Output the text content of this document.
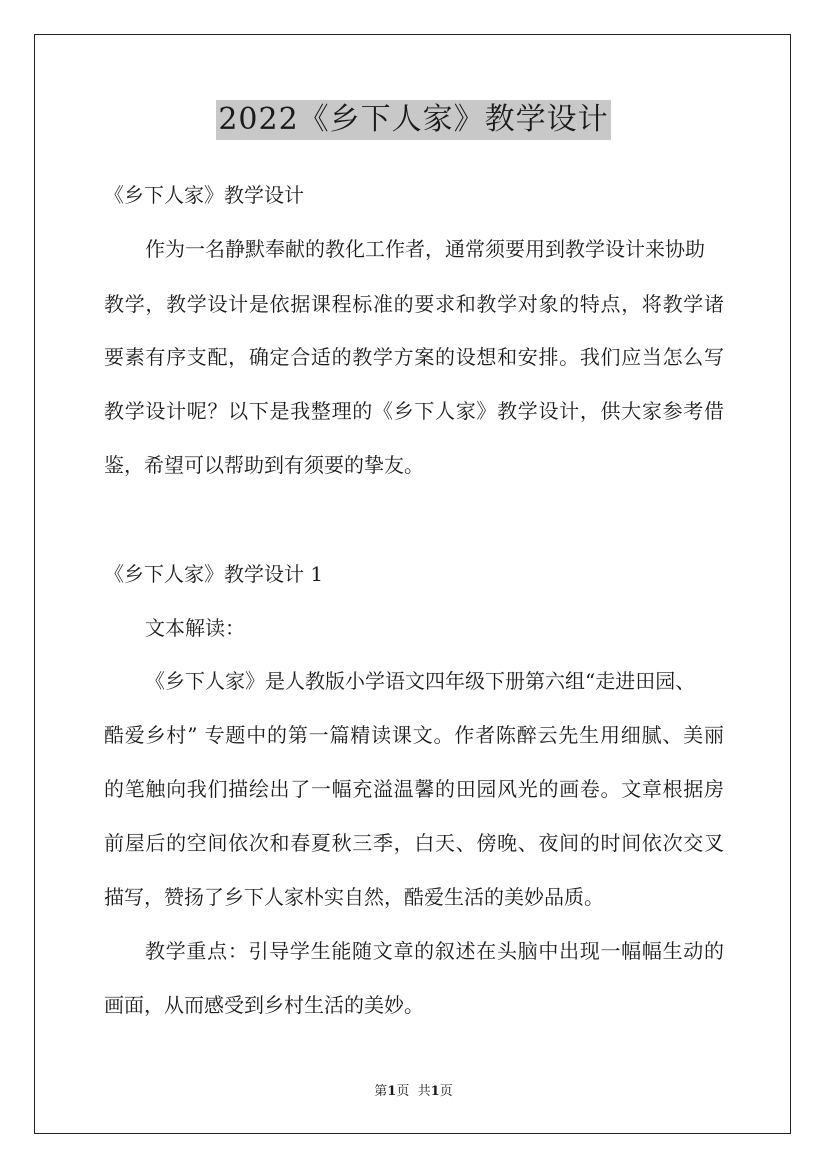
2022《乡下人家》教学设计
《乡下人家》教学设计
作为一名静默奉献的教化工作者，通常须要用到教学设计来协助
教学，教学设计是依据课程标准的要求和教学对象的特点，将教学诸
要素有序支配，确定合适的教学方案的设想和安排。我们应当怎么写
教学设计呢？以下是我整理的《乡下人家》教学设计，供大家参考借
鉴，希望可以帮助到有须要的挚友。
《乡下人家》教学设计 1
文本解读：
《乡下人家》是人教版小学语文四年级下册第六组“走进田园、
酷爱乡村” 专题中的第一篇精读课文。作者陈醉云先生用细腻、美丽
的笔触向我们描绘出了一幅充溢温馨的田园风光的画卷。文章根据房
前屋后的空间依次和春夏秋三季，白天、傍晚、夜间的时间依次交叉
描写，赞扬了乡下人家朴实自然，酷爱生活的美妙品质。
教学重点：引导学生能随文章的叙述在头脑中出现一幅幅生动的
画面，从而感受到乡村生活的美妙。
第1页 共1页
